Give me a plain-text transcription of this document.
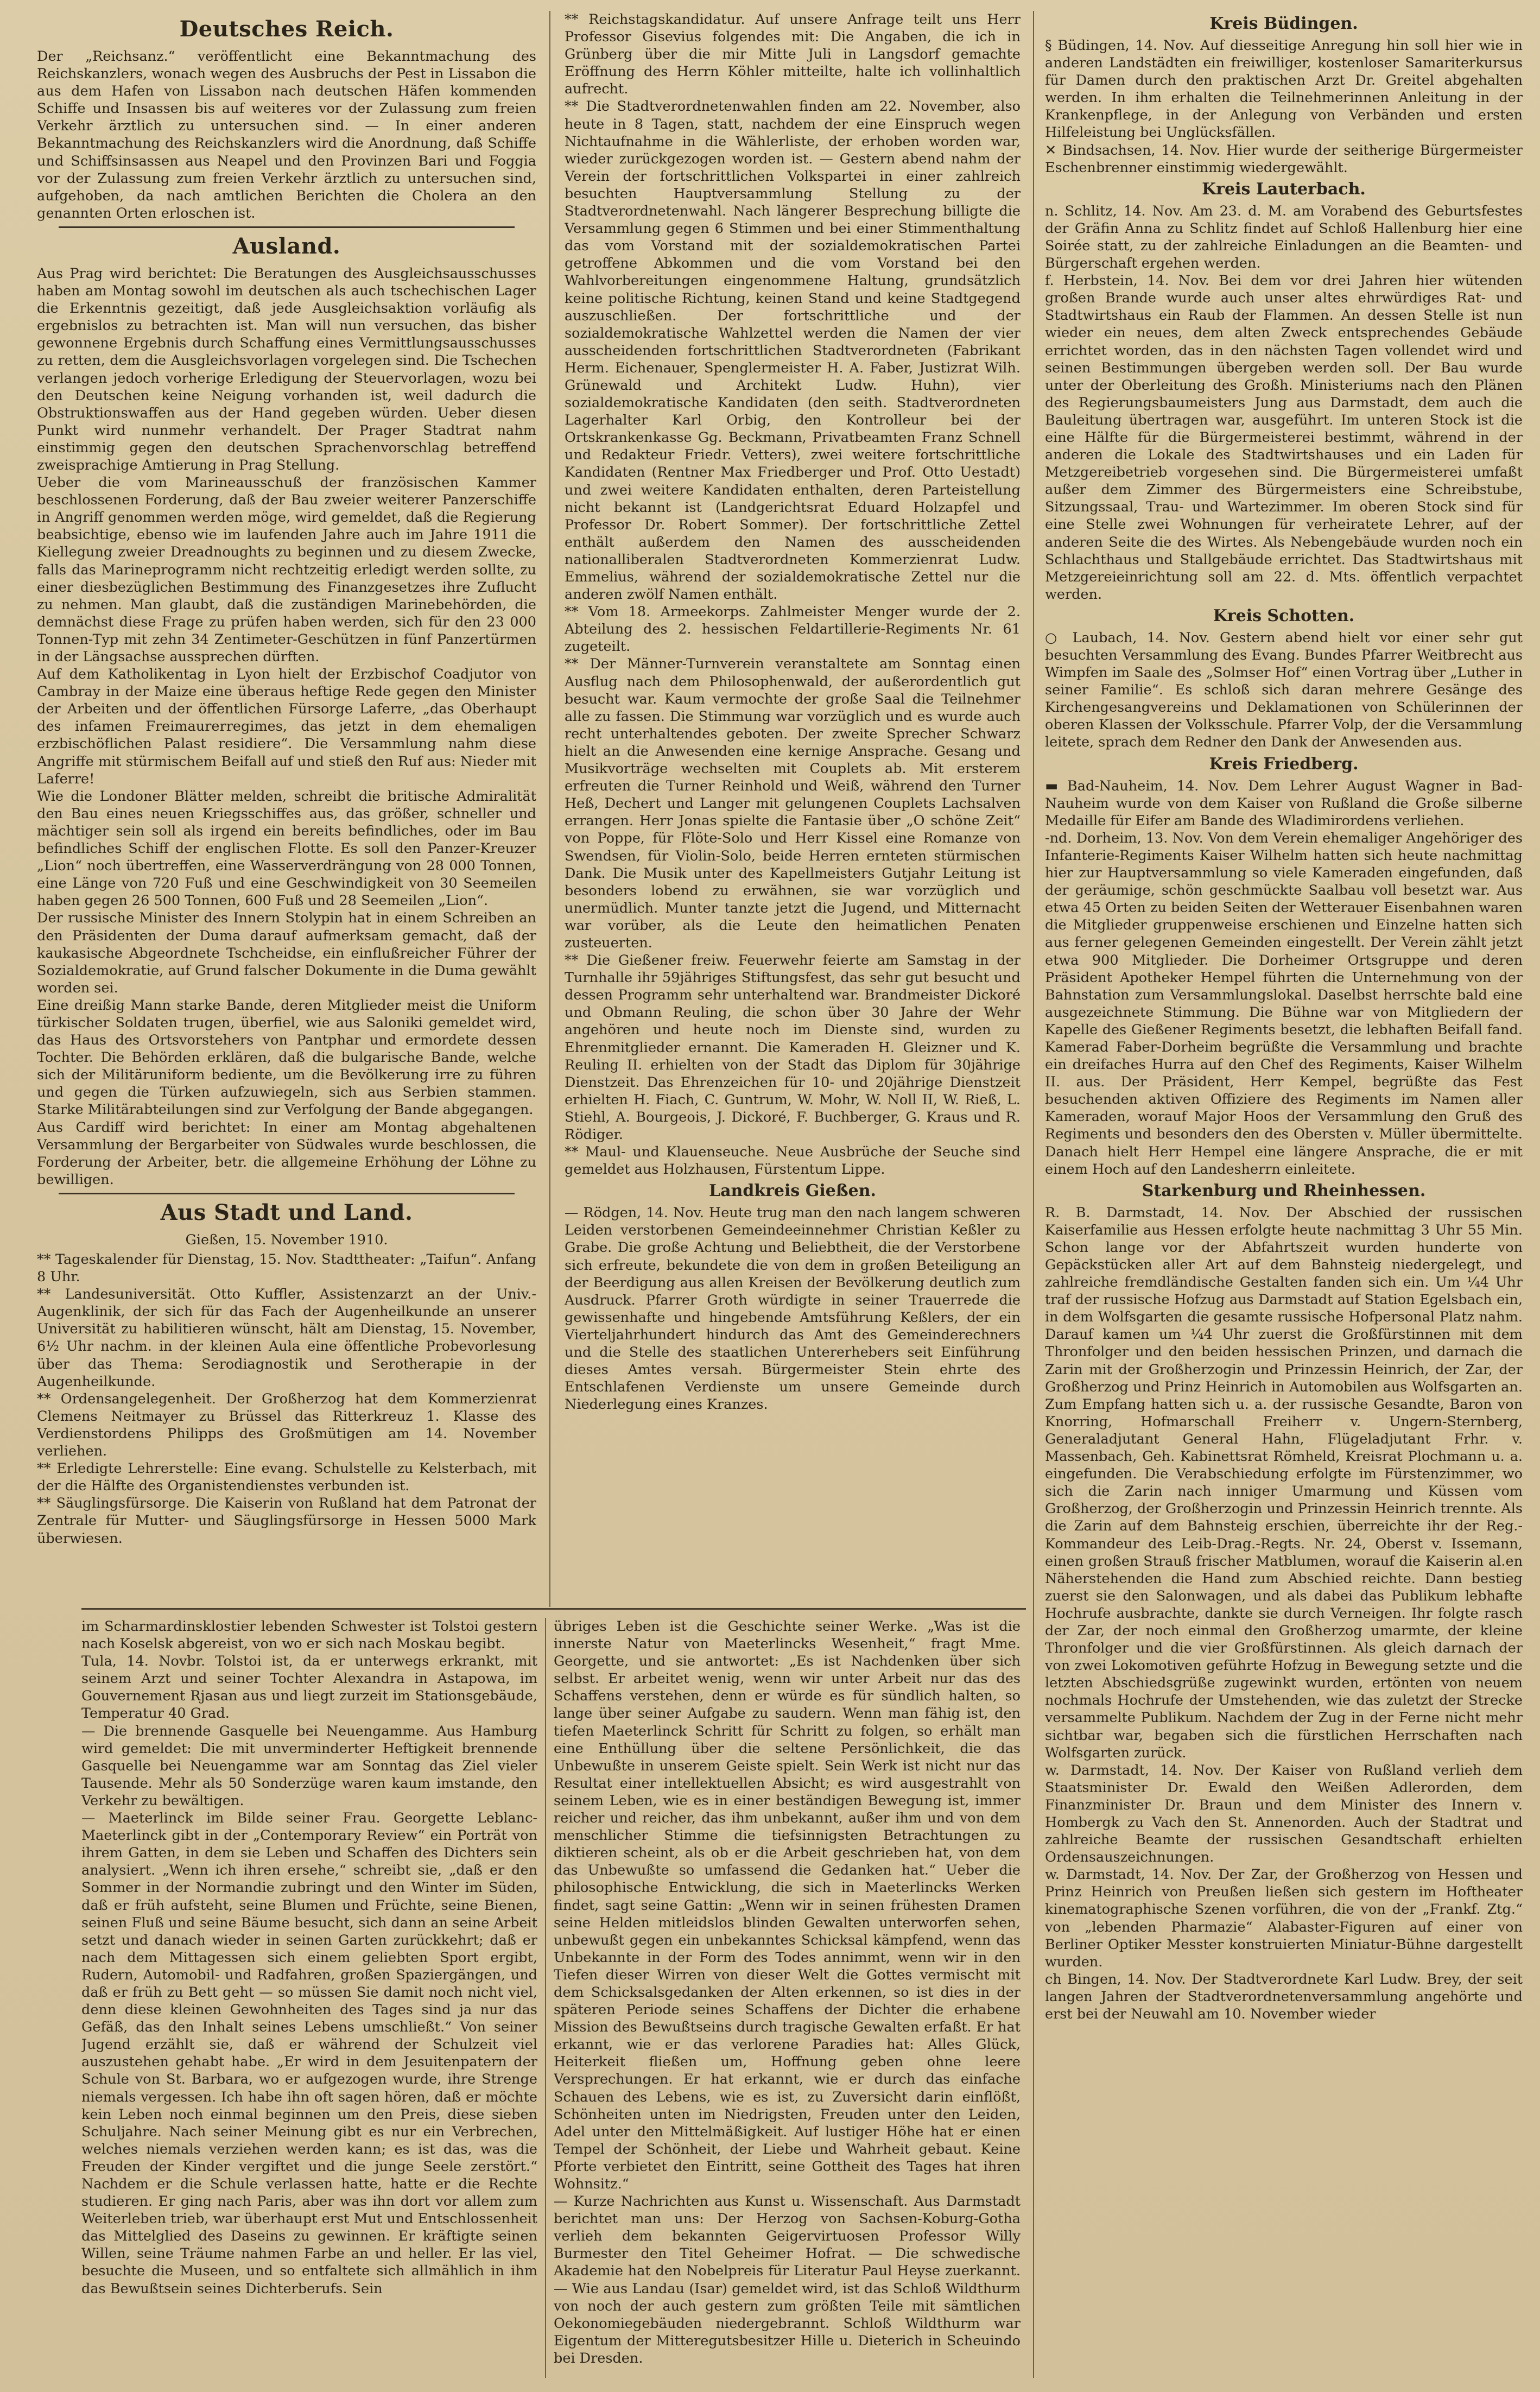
Deutsches Reich.

Der „Reichsanz.“ veröffentlicht eine Bekanntmachung des Reichskanzlers, wonach wegen des Ausbruchs der Pest in Lissabon die aus dem Hafen von Lissabon nach deutschen Häfen kommenden Schiffe und Insassen bis auf weiteres vor der Zulassung zum freien Verkehr ärztlich zu untersuchen sind. — In einer anderen Bekanntmachung des Reichskanzlers wird die Anordnung, daß Schiffe und Schiffsinsassen aus Neapel und den Provinzen Bari und Foggia vor der Zulassung zum freien Verkehr ärztlich zu untersuchen sind, aufgehoben, da nach amtlichen Berichten die Cholera an den genannten Orten erloschen ist.

Ausland.

Aus Prag wird berichtet: Die Beratungen des Ausgleichsausschusses haben am Montag sowohl im deutschen als auch tschechischen Lager die Erkenntnis gezeitigt, daß jede Ausgleichsaktion vorläufig als ergebnislos zu betrachten ist. Man will nun versuchen, das bisher gewonnene Ergebnis durch Schaffung eines Vermittlungsausschusses zu retten, dem die Ausgleichsvorlagen vorgelegen sind. Die Tschechen verlangen jedoch vorherige Erledigung der Steuervorlagen, wozu bei den Deutschen keine Neigung vorhanden ist, weil dadurch die Obstruktionswaffen aus der Hand gegeben würden. Ueber diesen Punkt wird nunmehr verhandelt. Der Prager Stadtrat nahm einstimmig gegen den deutschen Sprachenvorschlag betreffend zweisprachige Amtierung in Prag Stellung.

Ueber die vom Marineausschuß der französischen Kammer beschlossenen Forderung, daß der Bau zweier weiterer Panzerschiffe in Angriff genommen werden möge, wird gemeldet, daß die Regierung beabsichtige, ebenso wie im laufenden Jahre auch im Jahre 1911 die Kiellegung zweier Dreadnoughts zu beginnen und zu diesem Zwecke, falls das Marineprogramm nicht rechtzeitig erledigt werden sollte, zu einer diesbezüglichen Bestimmung des Finanzgesetzes ihre Zuflucht zu nehmen. Man glaubt, daß die zuständigen Marinebehörden, die demnächst diese Frage zu prüfen haben werden, sich für den 23 000 Tonnen-Typ mit zehn 34 Zentimeter-Geschützen in fünf Panzertürmen in der Längsachse aussprechen dürften.

Auf dem Katholikentag in Lyon hielt der Erzbischof Coadjutor von Cambray in der Maize eine überaus heftige Rede gegen den Minister der Arbeiten und der öffentlichen Fürsorge Laferre, „das Oberhaupt des infamen Freimaurerregimes, das jetzt in dem ehemaligen erzbischöflichen Palast residiere“. Die Versammlung nahm diese Angriffe mit stürmischem Beifall auf und stieß den Ruf aus: Nieder mit Laferre!

Wie die Londoner Blätter melden, schreibt die britische Admiralität den Bau eines neuen Kriegsschiffes aus, das größer, schneller und mächtiger sein soll als irgend ein bereits befindliches, oder im Bau befindliches Schiff der englischen Flotte. Es soll den Panzer-Kreuzer „Lion“ noch übertreffen, eine Wasserverdrängung von 28 000 Tonnen, eine Länge von 720 Fuß und eine Geschwindigkeit von 30 Seemeilen haben gegen 26 500 Tonnen, 600 Fuß und 28 Seemeilen „Lion“.

Der russische Minister des Innern Stolypin hat in einem Schreiben an den Präsidenten der Duma darauf aufmerksam gemacht, daß der kaukasische Abgeordnete Tschcheidse, ein einflußreicher Führer der Sozialdemokratie, auf Grund falscher Dokumente in die Duma gewählt worden sei.

Eine dreißig Mann starke Bande, deren Mitglieder meist die Uniform türkischer Soldaten trugen, überfiel, wie aus Saloniki gemeldet wird, das Haus des Ortsvorstehers von Pantphar und ermordete dessen Tochter. Die Behörden erklären, daß die bulgarische Bande, welche sich der Militäruniform bediente, um die Bevölkerung irre zu führen und gegen die Türken aufzuwiegeln, sich aus Serbien stammen. Starke Militärabteilungen sind zur Verfolgung der Bande abgegangen.

Aus Cardiff wird berichtet: In einer am Montag abgehaltenen Versammlung der Bergarbeiter von Südwales wurde beschlossen, die Forderung der Arbeiter, betr. die allgemeine Erhöhung der Löhne zu bewilligen.

Aus Stadt und Land.

Gießen, 15. November 1910.

** Tageskalender für Dienstag, 15. Nov. Stadttheater: „Taifun“. Anfang 8 Uhr.

** Landesuniversität. Otto Kuffler, Assistenzarzt an der Univ.-Augenklinik, der sich für das Fach der Augenheilkunde an unserer Universität zu habilitieren wünscht, hält am Dienstag, 15. November, 6½ Uhr nachm. in der kleinen Aula eine öffentliche Probevorlesung über das Thema: Serodiagnostik und Serotherapie in der Augenheilkunde.

** Ordensangelegenheit. Der Großherzog hat dem Kommerzienrat Clemens Neitmayer zu Brüssel das Ritterkreuz 1. Klasse des Verdienstordens Philipps des Großmütigen am 14. November verliehen.

** Erledigte Lehrerstelle: Eine evang. Schulstelle zu Kelsterbach, mit der die Hälfte des Organistendienstes verbunden ist.

** Säuglingsfürsorge. Die Kaiserin von Rußland hat dem Patronat der Zentrale für Mutter- und Säuglingsfürsorge in Hessen 5000 Mark überwiesen.

** Reichstagskandidatur. Auf unsere Anfrage teilt uns Herr Professor Gisevius folgendes mit: Die Angaben, die ich in Grünberg über die mir Mitte Juli in Langsdorf gemachte Eröffnung des Herrn Köhler mitteilte, halte ich vollinhaltlich aufrecht.

** Die Stadtverordnetenwahlen finden am 22. November, also heute in 8 Tagen, statt, nachdem der eine Einspruch wegen Nichtaufnahme in die Wählerliste, der erhoben worden war, wieder zurückgezogen worden ist. — Gestern abend nahm der Verein der fortschrittlichen Volkspartei in einer zahlreich besuchten Hauptversammlung Stellung zu der Stadtverordnetenwahl. Nach längerer Besprechung billigte die Versammlung gegen 6 Stimmen und bei einer Stimmenthaltung das vom Vorstand mit der sozialdemokratischen Partei getroffene Abkommen und die vom Vorstand bei den Wahlvorbereitungen eingenommene Haltung, grundsätzlich keine politische Richtung, keinen Stand und keine Stadtgegend auszuschließen. Der fortschrittliche und der sozialdemokratische Wahlzettel werden die Namen der vier ausscheidenden fortschrittlichen Stadtverordneten (Fabrikant Herm. Eichenauer, Spenglermeister H. A. Faber, Justizrat Wilh. Grünewald und Architekt Ludw. Huhn), vier sozialdemokratische Kandidaten (den seith. Stadtverordneten Lagerhalter Karl Orbig, den Kontrolleur bei der Ortskrankenkasse Gg. Beckmann, Privatbeamten Franz Schnell und Redakteur Friedr. Vetters), zwei weitere fortschrittliche Kandidaten (Rentner Max Friedberger und Prof. Otto Uestadt) und zwei weitere Kandidaten enthalten, deren Parteistellung nicht bekannt ist (Landgerichtsrat Eduard Holzapfel und Professor Dr. Robert Sommer). Der fortschrittliche Zettel enthält außerdem den Namen des ausscheidenden nationalliberalen Stadtverordneten Kommerzienrat Ludw. Emmelius, während der sozialdemokratische Zettel nur die anderen zwölf Namen enthält.

** Vom 18. Armeekorps. Zahlmeister Menger wurde der 2. Abteilung des 2. hessischen Feldartillerie-Regiments Nr. 61 zugeteilt.

** Der Männer-Turnverein veranstaltete am Sonntag einen Ausflug nach dem Philosophenwald, der außerordentlich gut besucht war. Kaum vermochte der große Saal die Teilnehmer alle zu fassen. Die Stimmung war vorzüglich und es wurde auch recht unterhaltendes geboten. Der zweite Sprecher Schwarz hielt an die Anwesenden eine kernige Ansprache. Gesang und Musikvorträge wechselten mit Couplets ab. Mit ersterem erfreuten die Turner Reinhold und Weiß, während den Turner Heß, Dechert und Langer mit gelungenen Couplets Lachsalven errangen. Herr Jonas spielte die Fantasie über „O schöne Zeit“ von Poppe, für Flöte-Solo und Herr Kissel eine Romanze von Swendsen, für Violin-Solo, beide Herren ernteten stürmischen Dank. Die Musik unter des Kapellmeisters Gutjahr Leitung ist besonders lobend zu erwähnen, sie war vorzüglich und unermüdlich. Munter tanzte jetzt die Jugend, und Mitternacht war vorüber, als die Leute den heimatlichen Penaten zusteuerten.

** Die Gießener freiw. Feuerwehr feierte am Samstag in der Turnhalle ihr 59jähriges Stiftungsfest, das sehr gut besucht und dessen Programm sehr unterhaltend war. Brandmeister Dickoré und Obmann Reuling, die schon über 30 Jahre der Wehr angehören und heute noch im Dienste sind, wurden zu Ehrenmitglieder ernannt. Die Kameraden H. Gleizner und K. Reuling II. erhielten von der Stadt das Diplom für 30jährige Dienstzeit. Das Ehrenzeichen für 10- und 20jährige Dienstzeit erhielten H. Fiach, C. Guntrum, W. Mohr, W. Noll II, W. Rieß, L. Stiehl, A. Bourgeois, J. Dickoré, F. Buchberger, G. Kraus und R. Rödiger.

** Maul- und Klauenseuche. Neue Ausbrüche der Seuche sind gemeldet aus Holzhausen, Fürstentum Lippe.

Landkreis Gießen.

— Rödgen, 14. Nov. Heute trug man den nach langem schweren Leiden verstorbenen Gemeindeeinnehmer Christian Keßler zu Grabe. Die große Achtung und Beliebtheit, die der Verstorbene sich erfreute, bekundete die von dem in großen Beteiligung an der Beerdigung aus allen Kreisen der Bevölkerung deutlich zum Ausdruck. Pfarrer Groth würdigte in seiner Trauerrede die gewissenhafte und hingebende Amtsführung Keßlers, der ein Vierteljahrhundert hindurch das Amt des Gemeinderechners und die Stelle des staatlichen Untererhebers seit Einführung dieses Amtes versah. Bürgermeister Stein ehrte des Entschlafenen Verdienste um unsere Gemeinde durch Niederlegung eines Kranzes.

Kreis Büdingen.

§ Büdingen, 14. Nov. Auf diesseitige Anregung hin soll hier wie in anderen Landstädten ein freiwilliger, kostenloser Samariterkursus für Damen durch den praktischen Arzt Dr. Greitel abgehalten werden. In ihm erhalten die Teilnehmerinnen Anleitung in der Krankenpflege, in der Anlegung von Verbänden und ersten Hilfeleistung bei Unglücksfällen.

✕ Bindsachsen, 14. Nov. Hier wurde der seitherige Bürgermeister Eschenbrenner einstimmig wiedergewählt.

Kreis Lauterbach.

n. Schlitz, 14. Nov. Am 23. d. M. am Vorabend des Geburtsfestes der Gräfin Anna zu Schlitz findet auf Schloß Hallenburg hier eine Soirée statt, zu der zahlreiche Einladungen an die Beamten- und Bürgerschaft ergehen werden.

f. Herbstein, 14. Nov. Bei dem vor drei Jahren hier wütenden großen Brande wurde auch unser altes ehrwürdiges Rat- und Stadtwirtshaus ein Raub der Flammen. An dessen Stelle ist nun wieder ein neues, dem alten Zweck entsprechendes Gebäude errichtet worden, das in den nächsten Tagen vollendet wird und seinen Bestimmungen übergeben werden soll. Der Bau wurde unter der Oberleitung des Großh. Ministeriums nach den Plänen des Regierungsbaumeisters Jung aus Darmstadt, dem auch die Bauleitung übertragen war, ausgeführt. Im unteren Stock ist die eine Hälfte für die Bürgermeisterei bestimmt, während in der anderen die Lokale des Stadtwirtshauses und ein Laden für Metzgereibetrieb vorgesehen sind. Die Bürgermeisterei umfaßt außer dem Zimmer des Bürgermeisters eine Schreibstube, Sitzungssaal, Trau- und Wartezimmer. Im oberen Stock sind für eine Stelle zwei Wohnungen für verheiratete Lehrer, auf der anderen Seite die des Wirtes. Als Nebengebäude wurden noch ein Schlachthaus und Stallgebäude errichtet. Das Stadtwirtshaus mit Metzgereieinrichtung soll am 22. d. Mts. öffentlich verpachtet werden.

Kreis Schotten.

○ Laubach, 14. Nov. Gestern abend hielt vor einer sehr gut besuchten Versammlung des Evang. Bundes Pfarrer Weitbrecht aus Wimpfen im Saale des „Solmser Hof“ einen Vortrag über „Luther in seiner Familie“. Es schloß sich daran mehrere Gesänge des Kirchengesangvereins und Deklamationen von Schülerinnen der oberen Klassen der Volksschule. Pfarrer Volp, der die Versammlung leitete, sprach dem Redner den Dank der Anwesenden aus.

Kreis Friedberg.

▬ Bad-Nauheim, 14. Nov. Dem Lehrer August Wagner in Bad-Nauheim wurde von dem Kaiser von Rußland die Große silberne Medaille für Eifer am Bande des Wladimirordens verliehen.

-nd. Dorheim, 13. Nov. Von dem Verein ehemaliger Angehöriger des Infanterie-Regiments Kaiser Wilhelm hatten sich heute nachmittag hier zur Hauptversammlung so viele Kameraden eingefunden, daß der geräumige, schön geschmückte Saalbau voll besetzt war. Aus etwa 45 Orten zu beiden Seiten der Wetterauer Eisenbahnen waren die Mitglieder gruppenweise erschienen und Einzelne hatten sich aus ferner gelegenen Gemeinden eingestellt. Der Verein zählt jetzt etwa 900 Mitglieder. Die Dorheimer Ortsgruppe und deren Präsident Apotheker Hempel führten die Unternehmung von der Bahnstation zum Versammlungslokal. Daselbst herrschte bald eine ausgezeichnete Stimmung. Die Bühne war von Mitgliedern der Kapelle des Gießener Regiments besetzt, die lebhaften Beifall fand. Kamerad Faber-Dorheim begrüßte die Versammlung und brachte ein dreifaches Hurra auf den Chef des Regiments, Kaiser Wilhelm II. aus. Der Präsident, Herr Kempel, begrüßte das Fest besuchenden aktiven Offiziere des Regiments im Namen aller Kameraden, worauf Major Hoos der Versammlung den Gruß des Regiments und besonders den des Obersten v. Müller übermittelte. Danach hielt Herr Hempel eine längere Ansprache, die er mit einem Hoch auf den Landesherrn einleitete.

Starkenburg und Rheinhessen.

R. B. Darmstadt, 14. Nov. Der Abschied der russischen Kaiserfamilie aus Hessen erfolgte heute nachmittag 3 Uhr 55 Min. Schon lange vor der Abfahrtszeit wurden hunderte von Gepäckstücken aller Art auf dem Bahnsteig niedergelegt, und zahlreiche fremdländische Gestalten fanden sich ein. Um ¼4 Uhr traf der russische Hofzug aus Darmstadt auf Station Egelsbach ein, in dem Wolfsgarten die gesamte russische Hofpersonal Platz nahm. Darauf kamen um ¼4 Uhr zuerst die Großfürstinnen mit dem Thronfolger und den beiden hessischen Prinzen, und darnach die Zarin mit der Großherzogin und Prinzessin Heinrich, der Zar, der Großherzog und Prinz Heinrich in Automobilen aus Wolfsgarten an. Zum Empfang hatten sich u. a. der russische Gesandte, Baron von Knorring, Hofmarschall Freiherr v. Ungern-Sternberg, Generaladjutant General Hahn, Flügeladjutant Frhr. v. Massenbach, Geh. Kabinettsrat Römheld, Kreisrat Plochmann u. a. eingefunden. Die Verabschiedung erfolgte im Fürstenzimmer, wo sich die Zarin nach inniger Umarmung und Küssen vom Großherzog, der Großherzogin und Prinzessin Heinrich trennte. Als die Zarin auf dem Bahnsteig erschien, überreichte ihr der Reg.-Kommandeur des Leib-Drag.-Regts. Nr. 24, Oberst v. Issemann, einen großen Strauß frischer Matblumen, worauf die Kaiserin al.en Näherstehenden die Hand zum Abschied reichte. Dann bestieg zuerst sie den Salonwagen, und als dabei das Publikum lebhafte Hochrufe ausbrachte, dankte sie durch Verneigen. Ihr folgte rasch der Zar, der noch einmal den Großherzog umarmte, der kleine Thronfolger und die vier Großfürstinnen. Als gleich darnach der von zwei Lokomotiven geführte Hofzug in Bewegung setzte und die letzten Abschiedsgrüße zugewinkt wurden, ertönten von neuem nochmals Hochrufe der Umstehenden, wie das zuletzt der Strecke versammelte Publikum. Nachdem der Zug in der Ferne nicht mehr sichtbar war, begaben sich die fürstlichen Herrschaften nach Wolfsgarten zurück.

w. Darmstadt, 14. Nov. Der Kaiser von Rußland verlieh dem Staatsminister Dr. Ewald den Weißen Adlerorden, dem Finanzminister Dr. Braun und dem Minister des Innern v. Hombergk zu Vach den St. Annenorden. Auch der Stadtrat und zahlreiche Beamte der russischen Gesandtschaft erhielten Ordensauszeichnungen.

w. Darmstadt, 14. Nov. Der Zar, der Großherzog von Hessen und Prinz Heinrich von Preußen ließen sich gestern im Hoftheater kinematographische Szenen vorführen, die von der „Frankf. Ztg.“ von „lebenden Pharmazie“ Alabaster-Figuren auf einer von Berliner Optiker Messter konstruierten Miniatur-Bühne dargestellt wurden.

ch Bingen, 14. Nov. Der Stadtverordnete Karl Ludw. Brey, der seit langen Jahren der Stadtverordnetenversammlung angehörte und erst bei der Neuwahl am 10. November wieder

im Scharmardinsklostier lebenden Schwester ist Tolstoi gestern nach Koselsk abgereist, von wo er sich nach Moskau begibt.

Tula, 14. Novbr. Tolstoi ist, da er unterwegs erkrankt, mit seinem Arzt und seiner Tochter Alexandra in Astapowa, im Gouvernement Rjasan aus und liegt zurzeit im Stationsgebäude, Temperatur 40 Grad.

— Die brennende Gasquelle bei Neuengamme. Aus Hamburg wird gemeldet: Die mit unverminderter Heftigkeit brennende Gasquelle bei Neuengamme war am Sonntag das Ziel vieler Tausende. Mehr als 50 Sonderzüge waren kaum imstande, den Verkehr zu bewältigen.

— Maeterlinck im Bilde seiner Frau. Georgette Leblanc-Maeterlinck gibt in der „Contemporary Review“ ein Porträt von ihrem Gatten, in dem sie Leben und Schaffen des Dichters sein analysiert. „Wenn ich ihren ersehe,“ schreibt sie, „daß er den Sommer in der Normandie zubringt und den Winter im Süden, daß er früh aufsteht, seine Blumen und Früchte, seine Bienen, seinen Fluß und seine Bäume besucht, sich dann an seine Arbeit setzt und danach wieder in seinen Garten zurückkehrt; daß er nach dem Mittagessen sich einem geliebten Sport ergibt, Rudern, Automobil- und Radfahren, großen Spaziergängen, und daß er früh zu Bett geht — so müssen Sie damit noch nicht viel, denn diese kleinen Gewohnheiten des Tages sind ja nur das Gefäß, das den Inhalt seines Lebens umschließt.“ Von seiner Jugend erzählt sie, daß er während der Schulzeit viel auszustehen gehabt habe. „Er wird in dem Jesuitenpatern der Schule von St. Barbara, wo er aufgezogen wurde, ihre Strenge niemals vergessen. Ich habe ihn oft sagen hören, daß er möchte kein Leben noch einmal beginnen um den Preis, diese sieben Schuljahre. Nach seiner Meinung gibt es nur ein Verbrechen, welches niemals verziehen werden kann; es ist das, was die Freuden der Kinder vergiftet und die junge Seele zerstört.“ Nachdem er die Schule verlassen hatte, hatte er die Rechte studieren. Er ging nach Paris, aber was ihn dort vor allem zum Weiterleben trieb, war überhaupt erst Mut und Entschlossenheit das Mittelglied des Daseins zu gewinnen. Er kräftigte seinen Willen, seine Träume nahmen Farbe an und heller. Er las viel, besuchte die Museen, und so entfaltete sich allmählich in ihm das Bewußtsein seines Dichterberufs. Sein

übriges Leben ist die Geschichte seiner Werke. „Was ist die innerste Natur von Maeterlincks Wesenheit,“ fragt Mme. Georgette, und sie antwortet: „Es ist Nachdenken über sich selbst. Er arbeitet wenig, wenn wir unter Arbeit nur das des Schaffens verstehen, denn er würde es für sündlich halten, so lange über seiner Aufgabe zu saudern. Wenn man fähig ist, den tiefen Maeterlinck Schritt für Schritt zu folgen, so erhält man eine Enthüllung über die seltene Persönlichkeit, die das Unbewußte in unserem Geiste spielt. Sein Werk ist nicht nur das Resultat einer intellektuellen Absicht; es wird ausgestrahlt von seinem Leben, wie es in einer beständigen Bewegung ist, immer reicher und reicher, das ihm unbekannt, außer ihm und von dem menschlicher Stimme die tiefsinnigsten Betrachtungen zu diktieren scheint, als ob er die Arbeit geschrieben hat, von dem das Unbewußte so umfassend die Gedanken hat.“ Ueber die philosophische Entwicklung, die sich in Maeterlincks Werken findet, sagt seine Gattin: „Wenn wir in seinen frühesten Dramen seine Helden mitleidslos blinden Gewalten unterworfen sehen, unbewußt gegen ein unbekanntes Schicksal kämpfend, wenn das Unbekannte in der Form des Todes annimmt, wenn wir in den Tiefen dieser Wirren von dieser Welt die Gottes vermischt mit dem Schicksalsgedanken der Alten erkennen, so ist dies in der späteren Periode seines Schaffens der Dichter die erhabene Mission des Bewußtseins durch tragische Gewalten erfaßt. Er hat erkannt, wie er das verlorene Paradies hat: Alles Glück, Heiterkeit fließen um, Hoffnung geben ohne leere Versprechungen. Er hat erkannt, wie er durch das einfache Schauen des Lebens, wie es ist, zu Zuversicht darin einflößt, Schönheiten unten im Niedrigsten, Freuden unter den Leiden, Adel unter den Mittelmäßigkeit. Auf lustiger Höhe hat er einen Tempel der Schönheit, der Liebe und Wahrheit gebaut. Keine Pforte verbietet den Eintritt, seine Gottheit des Tages hat ihren Wohnsitz.“

— Kurze Nachrichten aus Kunst u. Wissenschaft. Aus Darmstadt berichtet man uns: Der Herzog von Sachsen-Koburg-Gotha verlieh dem bekannten Geigervirtuosen Professor Willy Burmester den Titel Geheimer Hofrat. — Die schwedische Akademie hat den Nobelpreis für Literatur Paul Heyse zuerkannt. — Wie aus Landau (Isar) gemeldet wird, ist das Schloß Wildthurm von noch der auch gestern zum größten Teile mit sämtlichen Oekonomiegebäuden niedergebrannt. Schloß Wildthurm war Eigentum der Mitteregutsbesitzer Hille u. Dieterich in Scheuindo bei Dresden.
